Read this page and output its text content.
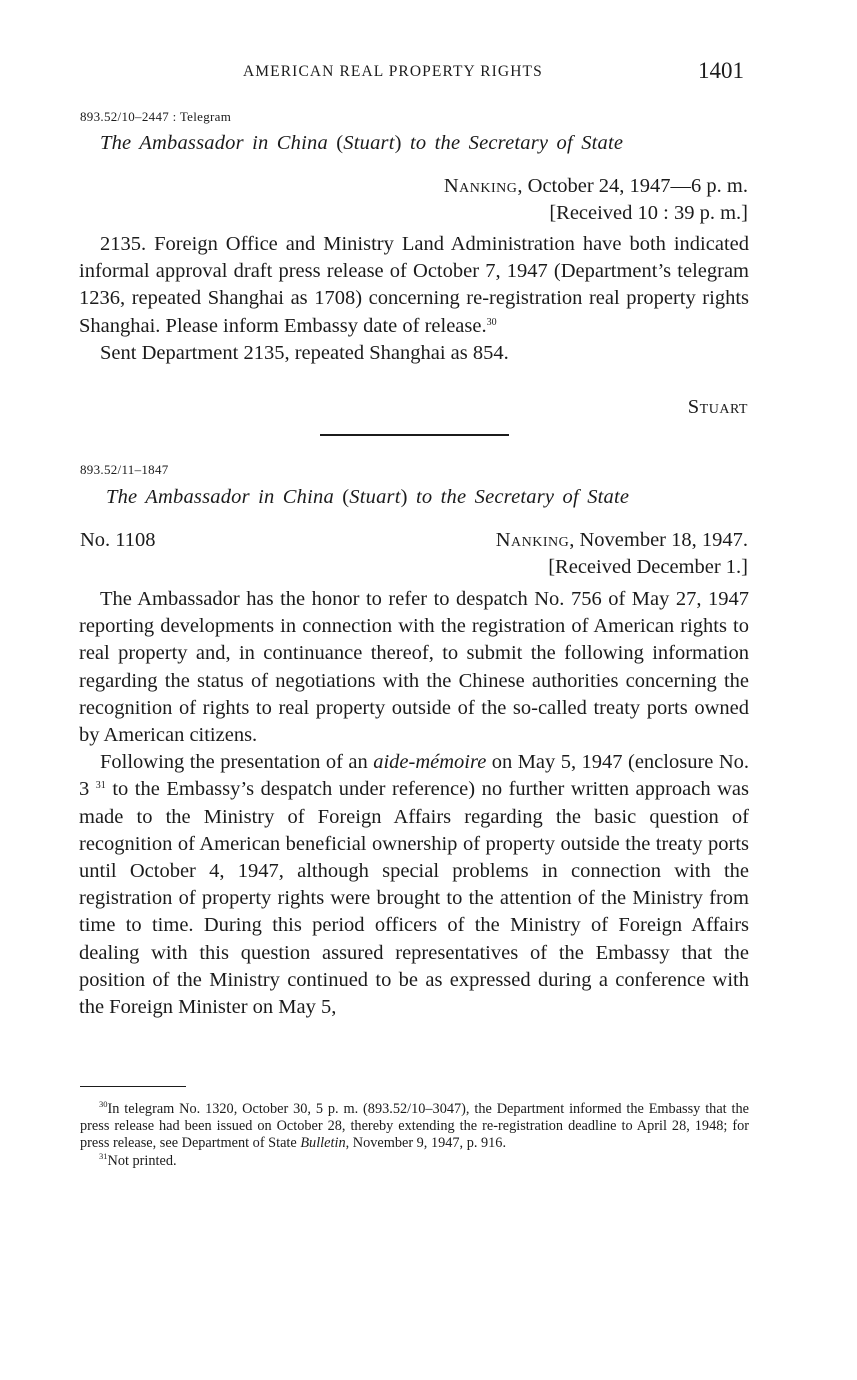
AMERICAN REAL PROPERTY RIGHTS	1401
893.52/10–2447 : Telegram
The Ambassador in China (Stuart) to the Secretary of State
Nanking, October 24, 1947—6 p. m.
[Received 10 : 39 p. m.]

2135. Foreign Office and Ministry Land Administration have both indicated informal approval draft press release of October 7, 1947 (Department’s telegram 1236, repeated Shanghai as 1708) concerning re-registration real property rights Shanghai. Please inform Embassy date of release.$^{30}$

Sent Department 2135, repeated Shanghai as 854.

Stuart
893.52/11–1847
The Ambassador in China (Stuart) to the Secretary of State
No. 1108	Nanking, November 18, 1947.
[Received December 1.]

The Ambassador has the honor to refer to despatch No. 756 of May 27, 1947 reporting developments in connection with the registration of American rights to real property and, in continuance thereof, to submit the following information regarding the status of negotiations with the Chinese authorities concerning the recognition of rights to real property outside of the so-called treaty ports owned by American citizens.

Following the presentation of an aide-mémoire on May 5, 1947 (enclosure No. 3 $^{31}$ to the Embassy’s despatch under reference) no further written approach was made to the Ministry of Foreign Affairs regarding the basic question of recognition of American beneficial ownership of property outside the treaty ports until October 4, 1947, although special problems in connection with the registration of property rights were brought to the attention of the Ministry from time to time. During this period officers of the Ministry of Foreign Affairs dealing with this question assured representatives of the Embassy that the position of the Ministry continued to be as expressed during a conference with the Foreign Minister on May 5,

$^{30}$In telegram No. 1320, October 30, 5 p. m. (893.52/10–3047), the Department informed the Embassy that the press release had been issued on October 28, thereby extending the re-registration deadline to April 28, 1948; for press release, see Department of State Bulletin, November 9, 1947, p. 916.

$^{31}$Not printed.
